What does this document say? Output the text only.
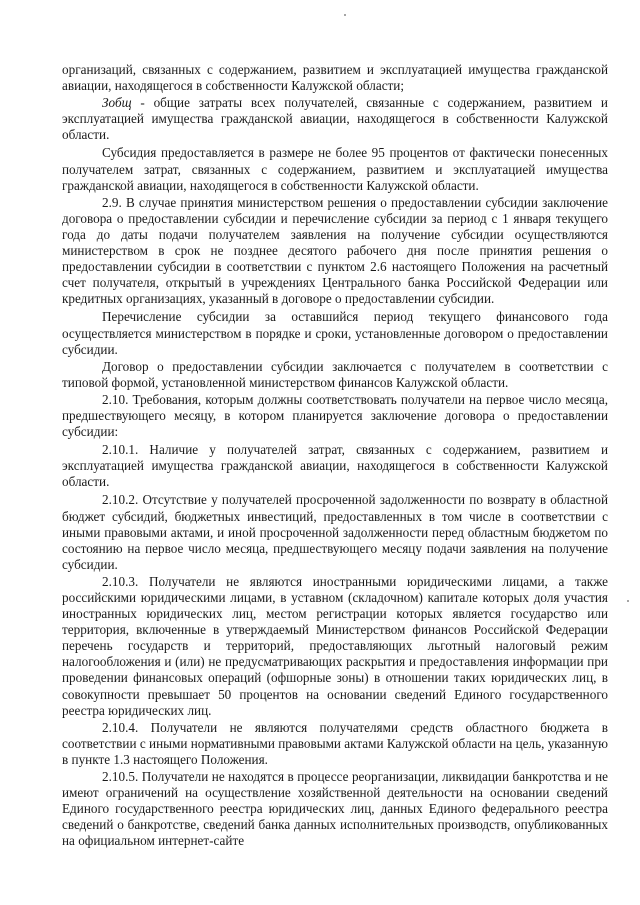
организаций, связанных с содержанием, развитием и эксплуатацией имущества гражданской авиации, находящегося в собственности Калужской области;

Зобщ - общие затраты всех получателей, связанные с содержанием, развитием и эксплуатацией имущества гражданской авиации, находящегося в собственности Калужской области.

Субсидия предоставляется в размере не более 95 процентов от фактически понесенных получателем затрат, связанных с содержанием, развитием и эксплуатацией имущества гражданской авиации, находящегося в собственности Калужской области.

2.9. В случае принятия министерством решения о предоставлении субсидии заключение договора о предоставлении субсидии и перечисление субсидии за период с 1 января текущего года до даты подачи получателем заявления на получение субсидии осуществляются министерством в срок не позднее десятого рабочего дня после принятия решения о предоставлении субсидии в соответствии с пунктом 2.6 настоящего Положения на расчетный счет получателя, открытый в учреждениях Центрального банка Российской Федерации или кредитных организациях, указанный в договоре о предоставлении субсидии.

Перечисление субсидии за оставшийся период текущего финансового года осуществляется министерством в порядке и сроки, установленные договором о предоставлении субсидии.

Договор о предоставлении субсидии заключается с получателем в соответствии с типовой формой, установленной министерством финансов Калужской области.

2.10. Требования, которым должны соответствовать получатели на первое число месяца, предшествующего месяцу, в котором планируется заключение договора о предоставлении субсидии:

2.10.1. Наличие у получателей затрат, связанных с содержанием, развитием и эксплуатацией имущества гражданской авиации, находящегося в собственности Калужской области.

2.10.2. Отсутствие у получателей просроченной задолженности по возврату в областной бюджет субсидий, бюджетных инвестиций, предоставленных в том числе в соответствии с иными правовыми актами, и иной просроченной задолженности перед областным бюджетом по состоянию на первое число месяца, предшествующего месяцу подачи заявления на получение субсидии.

2.10.3. Получатели не являются иностранными юридическими лицами, а также российскими юридическими лицами, в уставном (складочном) капитале которых доля участия иностранных юридических лиц, местом регистрации которых является государство или территория, включенные в утверждаемый Министерством финансов Российской Федерации перечень государств и территорий, предоставляющих льготный налоговый режим налогообложения и (или) не предусматривающих раскрытия и предоставления информации при проведении финансовых операций (офшорные зоны) в отношении таких юридических лиц, в совокупности превышает 50 процентов на основании сведений Единого государственного реестра юридических лиц.

2.10.4. Получатели не являются получателями средств областного бюджета в соответствии с иными нормативными правовыми актами Калужской области на цель, указанную в пункте 1.3 настоящего Положения.

2.10.5. Получатели не находятся в процессе реорганизации, ликвидации банкротства и не имеют ограничений на осуществление хозяйственной деятельности на основании сведений Единого государственного реестра юридических лиц, данных Единого федерального реестра сведений о банкротстве, сведений банка данных исполнительных производств, опубликованных на официальном интернет-сайте
